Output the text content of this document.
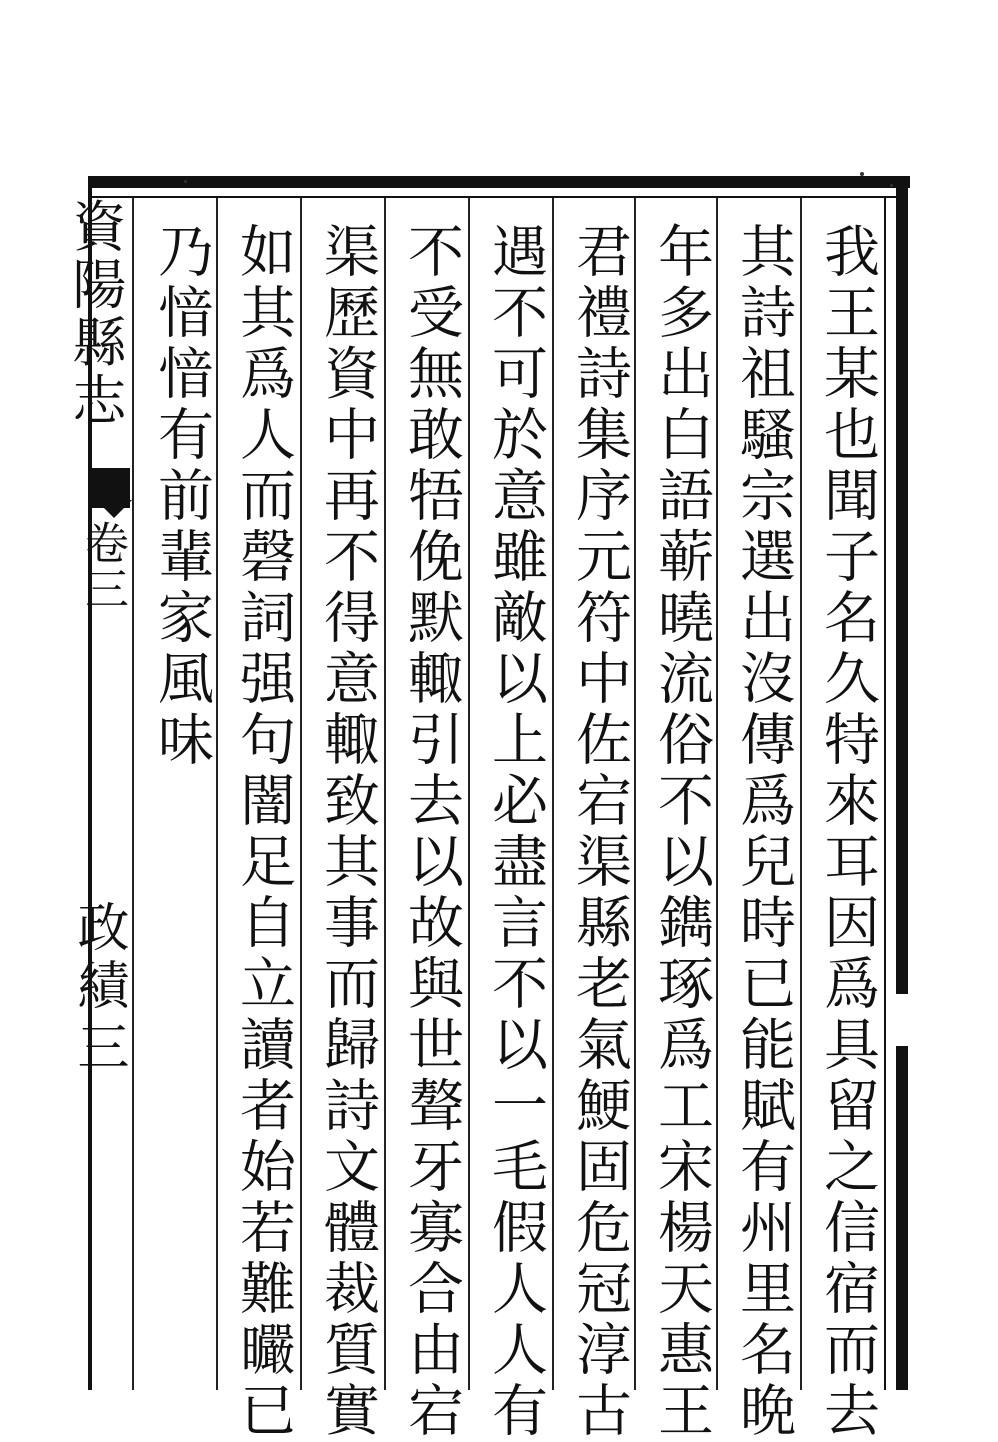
我王某也聞子名久特來耳因爲具留之信宿而去
其詩祖騷宗選出沒傳爲兒時已能賦有州里名晩
年多出白語蕲曉流俗不以鐫琢爲工宋楊天惠王
君禮詩集序元符中佐宕渠縣老氣鯁固危冠淳古
遇不可於意雖敵以上必盡言不以一毛假人人有
不受無敢牾俛默輙引去以故與世聱牙寡合由宕
渠歷資中再不得意輙致其事而歸詩文體裁質實
如其爲人而磬詞强句闇足自立讀者始若難曮已
乃愔愔有前輩家風味
資陽縣志
卷三
政績
三
